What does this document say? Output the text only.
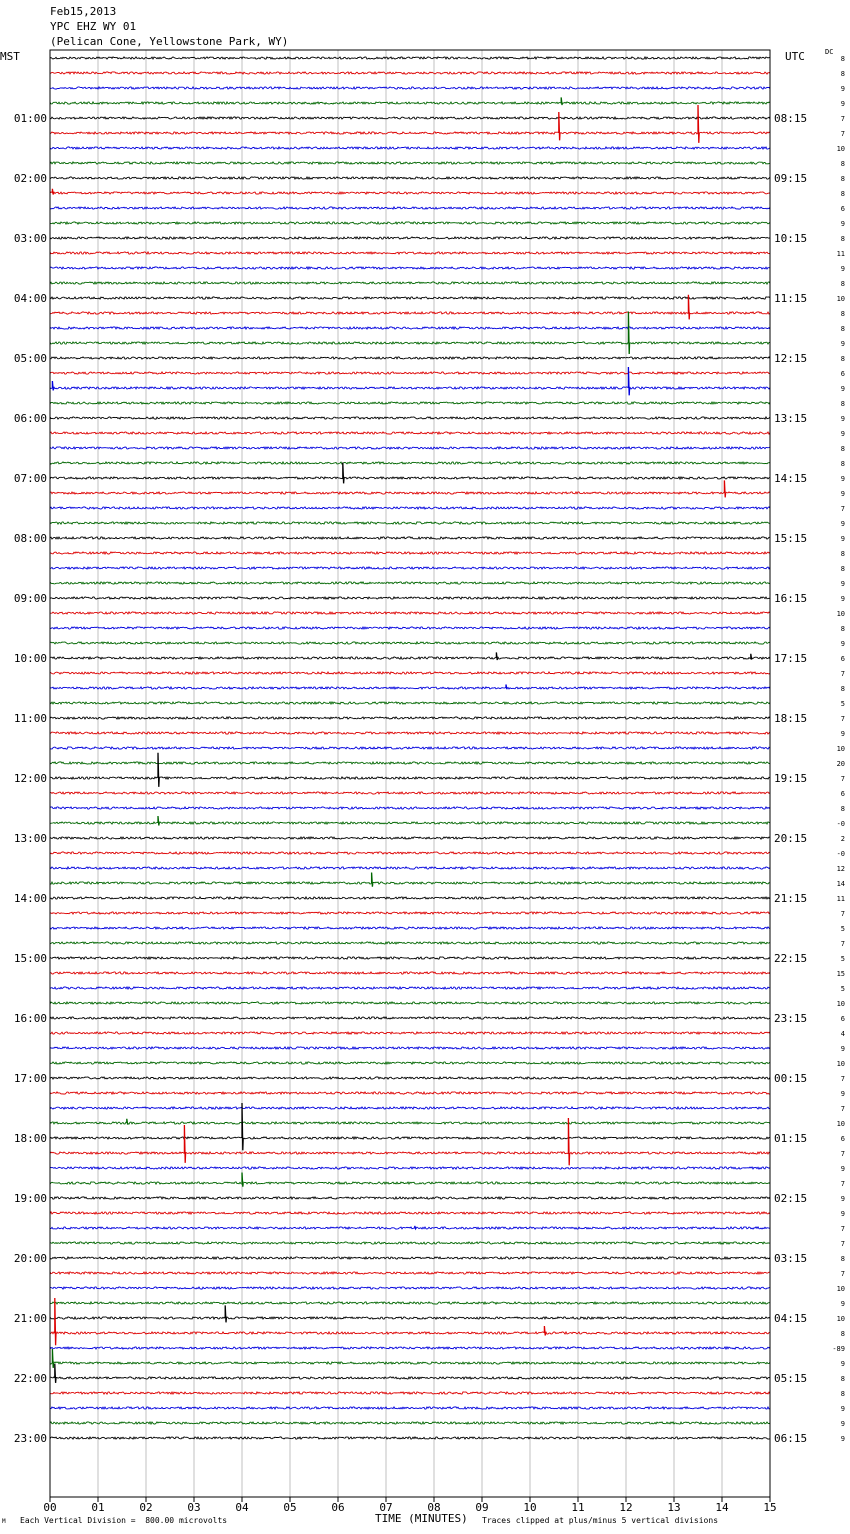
01:00
02:00
03:00
04:00
05:00
06:00
07:00
08:00
09:00
10:00
11:00
12:00
13:00
14:00
15:00
16:00
17:00
18:00
19:00
20:00
21:00
22:00
23:00
08:15
09:15
10:15
11:15
12:15
13:15
14:15
15:15
16:15
17:15
18:15
19:15
20:15
21:15
22:15
23:15
00:15
01:15
02:15
03:15
04:15
05:15
06:15
8
8
9
9
7
7
10
8
8
8
6
9
8
11
9
8
10
8
8
9
8
6
9
8
9
9
8
8
9
9
7
9
9
8
8
9
9
10
8
9
6
7
8
5
7
9
10
20
7
6
8
-0
2
-0
12
14
11
7
5
7
5
15
5
10
6
4
9
10
7
9
7
10
6
7
9
7
9
9
7
7
8
7
10
9
10
8
-89
9
8
8
9
9
9
00	01	02	03	04	05	06	07	08	09	10	11	12	13	14	15
Feb15,2013
YPC EHZ WY 01
(Pelican Cone, Yellowstone Park, WY)
MST	UTC	DC
TIME (MINUTES)
Each Vertical Division =  800.00 microvolts	Traces clipped at plus/minus 5 vertical divisions
M
